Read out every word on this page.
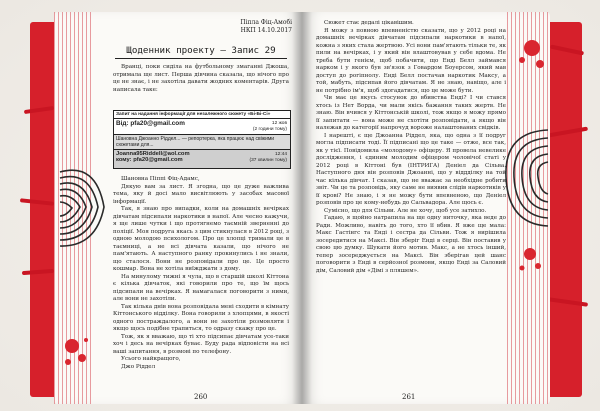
Піпла Фіц-Амобі
НКП 14.10.2017
Щоденник проекту — Запис 29

Вранці, поки сиділа на футбольному змаганні Джоша, отримала ще лист. Перша дівчина сказала, що нічого про це не знає, і не захотіла давати жодних коментарів. Друга написала таке:

Запит на надання інформації для незалежного сюжету «Бі-Бі-Сі»
Від: pfa20@gmail.com	12 жов
(2 години тому)
Шановна Джоанно Ріддел... — репортерка, яка працює над свіжими сюжетами для...
Joanna95Riddell@aol.com
кому: pfa20@gmail.com
12:44
(37 хвилин тому)

Шановна Піппі Фіц-Адамс,

Дякую вам за лист. Я згодна, що це дуже важлива тема, яку й досі мало висвітлюють у засобах масової інформації.

Так, я знаю про випадки, коли на домашніх вечірках дівчатам підсипали наркотики в напої. Але чесно кажучи, я ще лише чутки і що протягнемо таємній зверненні до поліції. Моя подруга якась з цим стикнулася в 2012 році, з одною молодою психологом. Про це хлопці тримали це в таємниці, а не всі дівчата казали, що нічого не пам'ятають. А наступного ранку прокинулись і не знали, що сталося. Вони не розповідали про це. Це просто кошмар. Вона не хотіла виїжджати з дому.

На минулому тижні я чула, що в старшій школі Кіттона є кілька дівчаток, які говорили про те, що їм щось підсипали на вечірках. Я намагалася поговорити з ними, але вони не захотіли.

Так кілька днів вона розповідала мені сходити в кімнату Кіттонського відділку. Вона говорили з хлопцями, в якості одного постраждалого, а вони не захотіли розмовляти і якщо щось подібне трапиться, то одразу скажу про це.

Тож, як я вважаю, що ті хто підсипає дівчатам усе-таки хоч і десь на вечірках буває. Буду рада відповісти на всі ваші запитання, в розмові по телефону.

Усього найкращого,

Джо Ріддел

260

Сюжет стає дедалі цікавішим.

Я можу з повною впевненістю сказати, що у 2012 році на домашніх вечірках дівчатам підсипали наркотики в напої, кожна з яких стала жертвою. Усі вони пам'ятають тільки те, як пили на вечірках, і у який він влаштовував у себе вдома. Не треба бути генієм, щоб побачити, що Енді Белл займався нарком і у якого був зв'язок з Говардом Боуерсом, який мав доступ до рогіпнолу. Енді Белл постачав наркотик Максу, а той, мабуть, підсипав його дівчатам. Я не знаю, навіщо, але і не потрібно ім'я, щоб здогадатися, що це може бути.

Чи має це якусь стосунок до вбивства Енді? І чи стався хтось із Нет Ворда, чи мали якісь бажання таких жертв. Не знаю. Він вчився у Кіттонській школі, тож якщо я можу прямо її запитати — вона може не схотіти розповідати, а якщо він належав до категорії напрочуд вороже налаштованих свідків.

І нарешті, є ще Джоанна Ріддел, яка, що одна з її подруг могла підписати тоді. Її підписані що це таке — отже, все так, як у тієї. Повідомила «молодому» офіцеру. Я провела невелике дослідження, і єдиним молодим офіцером чоловічої статі у 2012 році в Кіттоні був (ІНТРИГА) Деніел да Сільва. Наступного дня він розповів Джоанні, що у віддділку на той час кілька дівчат. І сказав, що не вважає за необхідне робити звіт. Чи це та розповідь, яку саме не виявив слідів наркотиків у її крові? Не знаю, і я не можу бути впевненою, що Деніел розповів про це кому-небудь до Сальвадора. Але щось є.

Сумісно, що для Сільви. Але не хочу, щоб усе затихло.

Гадаю, я щойно натрапила на ще одну ниточку, яка веде до Ради. Можливо, навіть до того, хто її вбив. Я вже ще мала: Макс Гастінгс та Енді і сестра да Сільви. Тож я вирішила зосередитися на Максі. Він зберіг Енді в серці. Він поставив у свою цю думку. Шукати його мотив. Макс, а не хтось інший, тепер зосереджується на Максі. Він зберігав цей шанс поговорити з Енді в серйозної розмови, якщо Енді за Саловий дім, Саловий дім «Дімі з пляшем».

261
